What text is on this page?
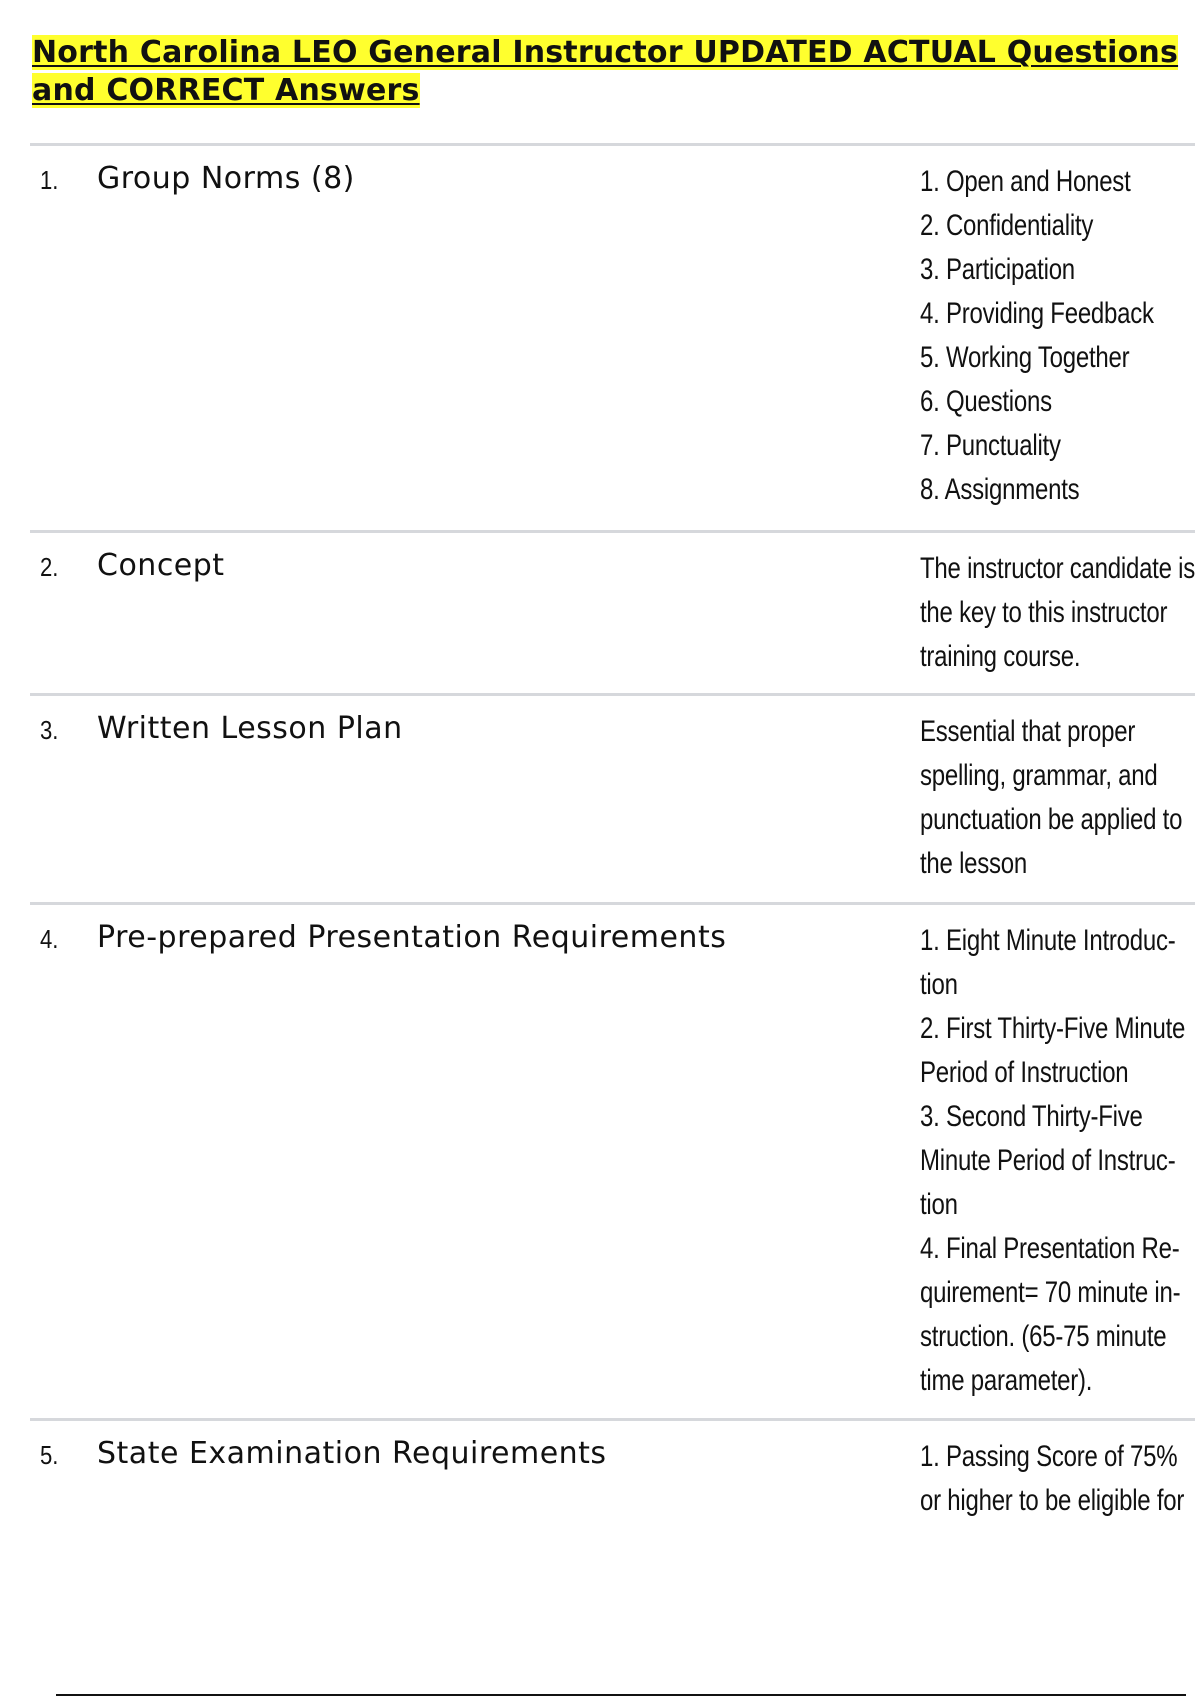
North Carolina LEO General Instructor UPDATED ACTUAL Questions and CORRECT Answers
1. Group Norms (8)	1. Open and Honest
2. Confidentiality
3. Participation
4. Providing Feedback
5. Working Together
6. Questions
7. Punctuality
8. Assignments
2. Concept	The instructor candidate is
the key to this instructor
training course.
3. Written Lesson Plan	Essential that proper
spelling, grammar, and
punctuation be applied to
the lesson
4. Pre-prepared Presentation Requirements	1. Eight Minute Introduc-
tion
2. First Thirty-Five Minute
Period of Instruction
3. Second Thirty-Five
Minute Period of Instruc-
tion
4. Final Presentation Re-
quirement= 70 minute in-
struction. (65-75 minute
time parameter).
5. State Examination Requirements	1. Passing Score of 75%
or higher to be eligible for
